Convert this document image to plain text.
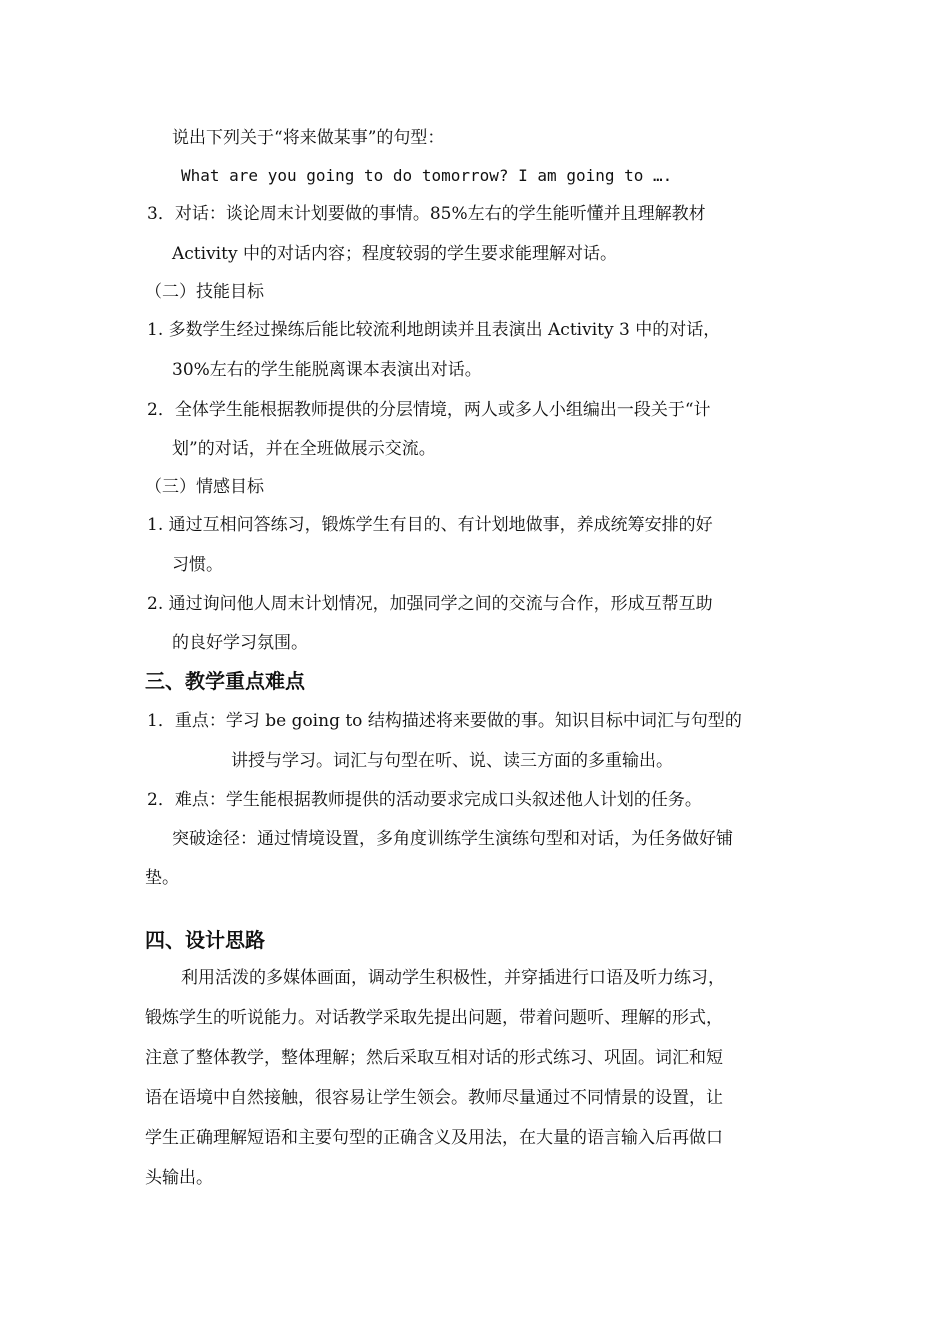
说出下列关于“将来做某事”的句型：
What are you going to do tomorrow? I am going to ….
3．对话：谈论周末计划要做的事情。85%左右的学生能听懂并且理解教材
Activity 中的对话内容；程度较弱的学生要求能理解对话。
（二）技能目标
1. 多数学生经过操练后能比较流利地朗读并且表演出 Activity 3 中的对话，
30%左右的学生能脱离课本表演出对话。
2．全体学生能根据教师提供的分层情境，两人或多人小组编出一段关于“计
划”的对话，并在全班做展示交流。
（三）情感目标
1. 通过互相问答练习，锻炼学生有目的、有计划地做事，养成统筹安排的好
习惯。
2. 通过询问他人周末计划情况，加强同学之间的交流与合作，形成互帮互助
的良好学习氛围。
三、教学重点难点
1．重点：学习 be going to 结构描述将来要做的事。知识目标中词汇与句型的
讲授与学习。词汇与句型在听、说、读三方面的多重输出。
2．难点：学生能根据教师提供的活动要求完成口头叙述他人计划的任务。
突破途径：通过情境设置，多角度训练学生演练句型和对话，为任务做好铺
垫。
四、设计思路
利用活泼的多媒体画面，调动学生积极性，并穿插进行口语及听力练习，
锻炼学生的听说能力。对话教学采取先提出问题，带着问题听、理解的形式，
注意了整体教学，整体理解；然后采取互相对话的形式练习、巩固。词汇和短
语在语境中自然接触，很容易让学生领会。教师尽量通过不同情景的设置，让
学生正确理解短语和主要句型的正确含义及用法，在大量的语言输入后再做口
头输出。
